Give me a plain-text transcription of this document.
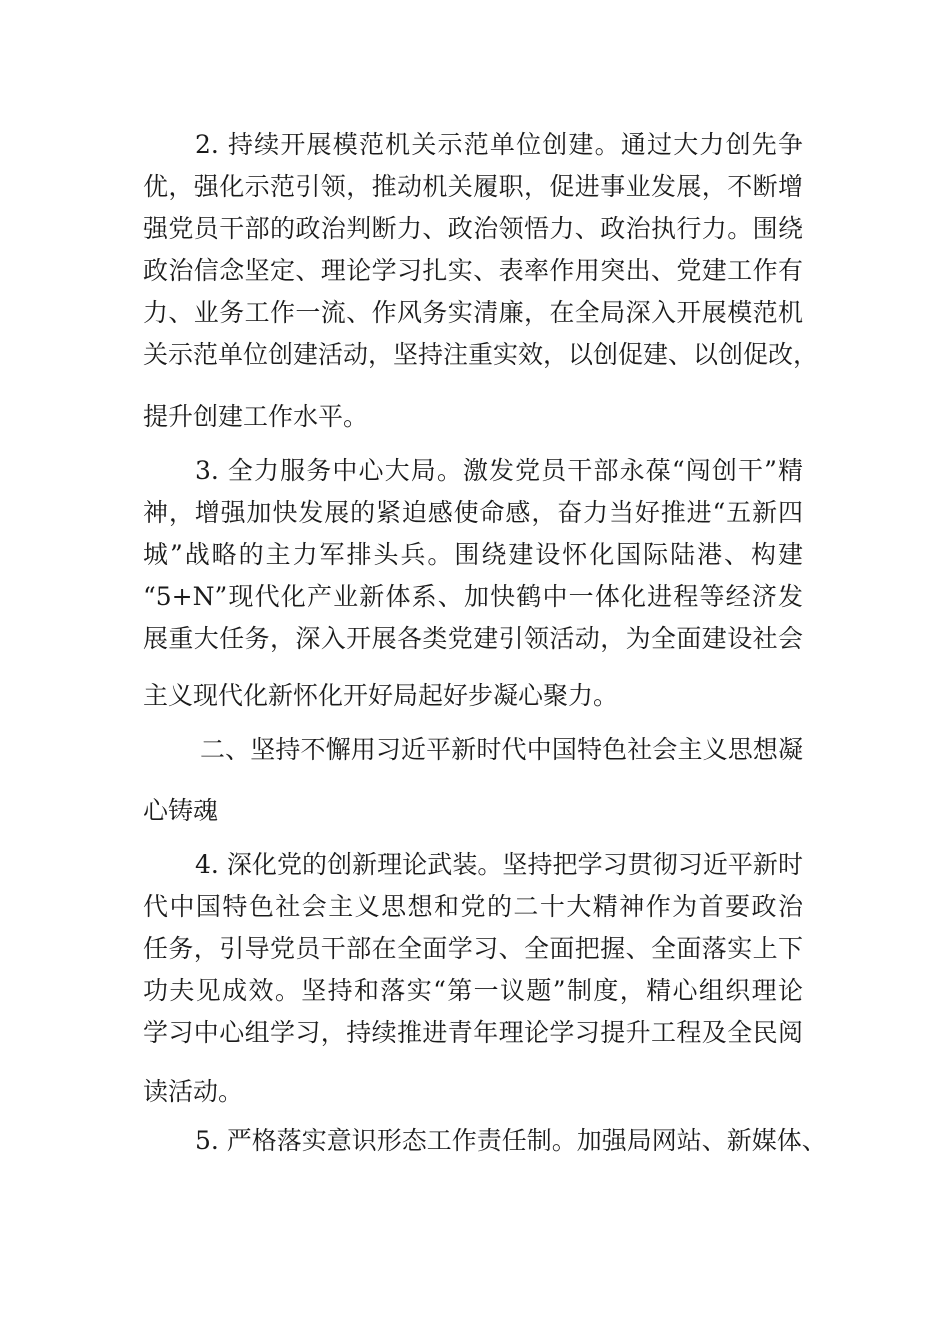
2. 持续开展模范机关示范单位创建。通过大力创先争
优，强化示范引领，推动机关履职，促进事业发展，不断增
强党员干部的政治判断力、政治领悟力、政治执行力。围绕
政治信念坚定、理论学习扎实、表率作用突出、党建工作有
力、业务工作一流、作风务实清廉，在全局深入开展模范机
关示范单位创建活动，坚持注重实效，以创促建、以创促改，
提升创建工作水平。
3. 全力服务中心大局。激发党员干部永葆“闯创干”精
神，增强加快发展的紧迫感使命感，奋力当好推进“五新四
城”战略的主力军排头兵。围绕建设怀化国际陆港、构建
“5+N”现代化产业新体系、加快鹤中一体化进程等经济发
展重大任务，深入开展各类党建引领活动，为全面建设社会
主义现代化新怀化开好局起好步凝心聚力。
二、坚持不懈用习近平新时代中国特色社会主义思想凝
心铸魂
4. 深化党的创新理论武装。坚持把学习贯彻习近平新时
代中国特色社会主义思想和党的二十大精神作为首要政治
任务，引导党员干部在全面学习、全面把握、全面落实上下
功夫见成效。坚持和落实“第一议题”制度，精心组织理论
学习中心组学习，持续推进青年理论学习提升工程及全民阅
读活动。
5. 严格落实意识形态工作责任制。加强局网站、新媒体、
